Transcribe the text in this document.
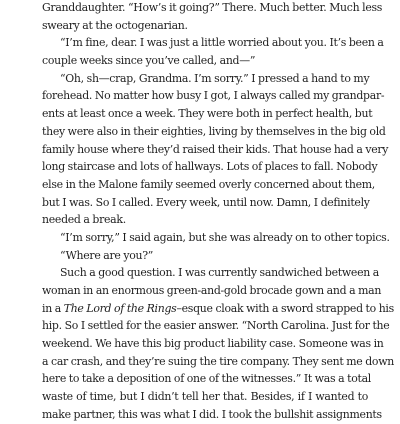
Granddaughter. “How’s it going?” There. Much better. Much less
sweary at the octogenarian.
“I’m fine, dear. I was just a little worried about you. It’s been a
couple weeks since you’ve called, and—”
“Oh, sh—crap, Grandma. I’m sorry.” I pressed a hand to my
forehead. No matter how busy I got, I always called my grandpar-
ents at least once a week. They were both in perfect health, but
they were also in their eighties, living by themselves in the big old
family house where they’d raised their kids. That house had a very
long staircase and lots of hallways. Lots of places to fall. Nobody
else in the Malone family seemed overly concerned about them,
but I was. So I called. Every week, until now. Damn, I definitely
needed a break.
“I’m sorry,” I said again, but she was already on to other topics.
“Where are you?”
Such a good question. I was currently sandwiched between a
woman in an enormous green-and-gold brocade gown and a man
in a The Lord of the Rings–esque cloak with a sword strapped to his
hip. So I settled for the easier answer. “North Carolina. Just for the
weekend. We have this big product liability case. Someone was in
a car crash, and they’re suing the tire company. They sent me down
here to take a deposition of one of the witnesses.” It was a total
waste of time, but I didn’t tell her that. Besides, if I wanted to
make partner, this was what I did. I took the bullshit assignments
